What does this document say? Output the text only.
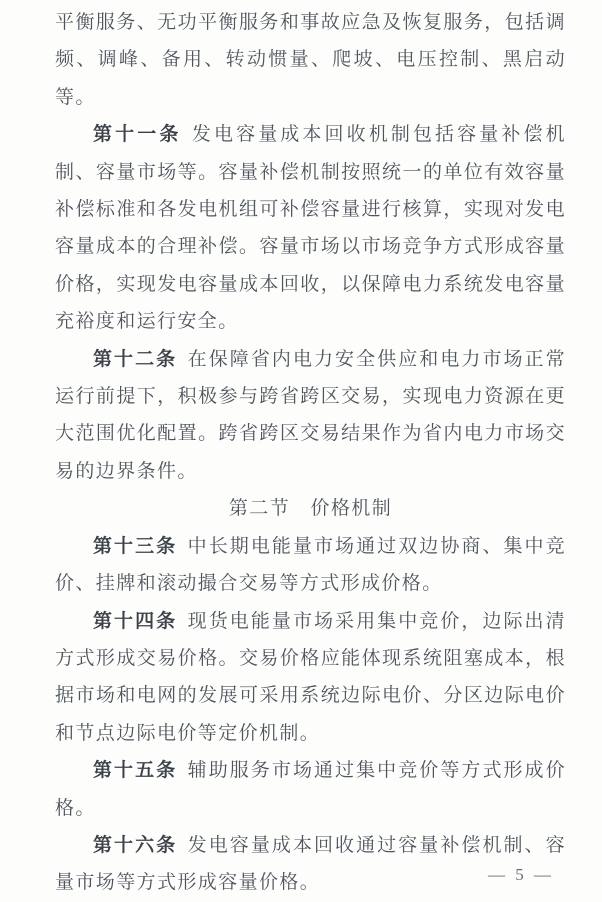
平衡服务、无功平衡服务和事故应急及恢复服务，包括调频、调峰、备用、转动惯量、爬坡、电压控制、黑启动等。

第十一条 发电容量成本回收机制包括容量补偿机制、容量市场等。容量补偿机制按照统一的单位有效容量补偿标准和各发电机组可补偿容量进行核算，实现对发电容量成本的合理补偿。容量市场以市场竞争方式形成容量价格，实现发电容量成本回收，以保障电力系统发电容量充裕度和运行安全。

第十二条 在保障省内电力安全供应和电力市场正常运行前提下，积极参与跨省跨区交易，实现电力资源在更大范围优化配置。跨省跨区交易结果作为省内电力市场交易的边界条件。

第二节　价格机制

第十三条 中长期电能量市场通过双边协商、集中竞价、挂牌和滚动撮合交易等方式形成价格。

第十四条 现货电能量市场采用集中竞价，边际出清方式形成交易价格。交易价格应能体现系统阻塞成本，根据市场和电网的发展可采用系统边际电价、分区边际电价和节点边际电价等定价机制。

第十五条 辅助服务市场通过集中竞价等方式形成价格。

第十六条 发电容量成本回收通过容量补偿机制、容量市场等方式形成容量价格。	— 5 —
